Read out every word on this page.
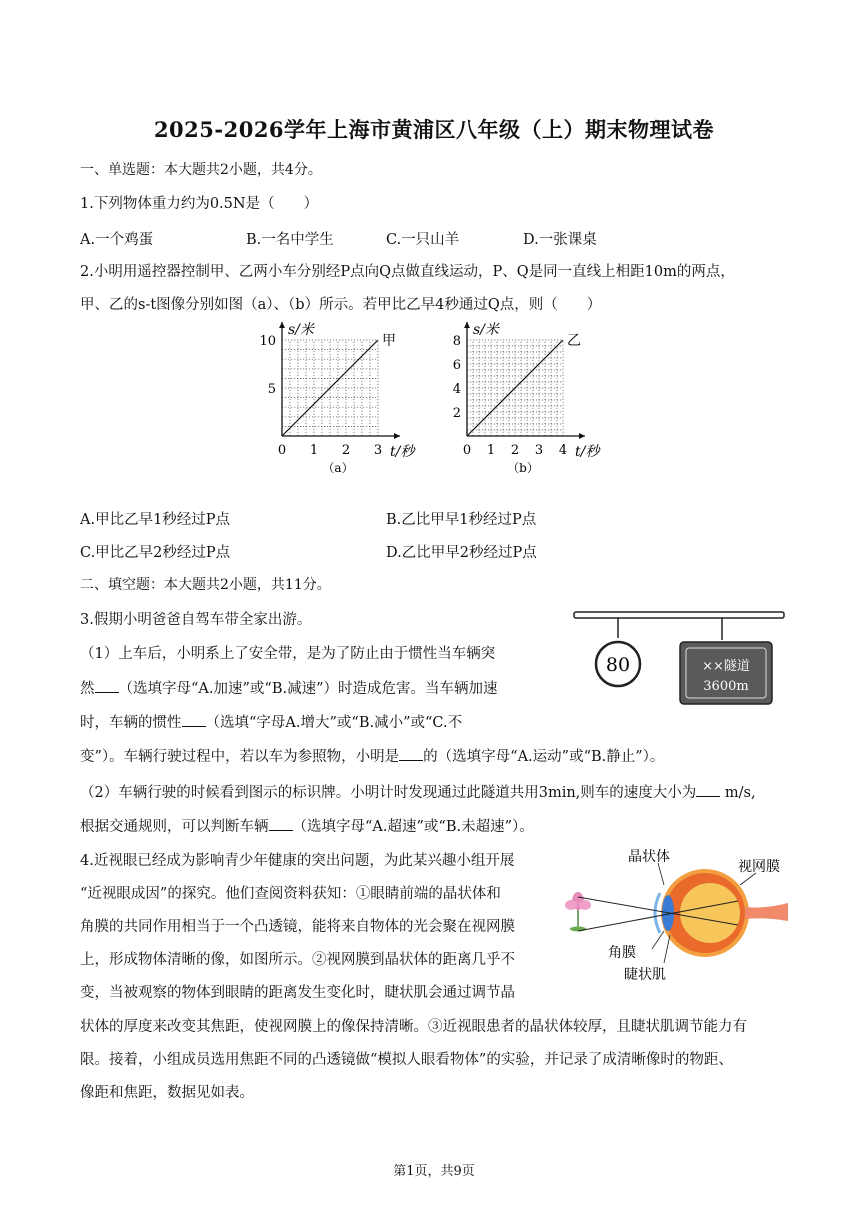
2025-2026学年上海市黄浦区八年级（上）期末物理试卷
一、单选题：本大题共2小题，共4分。
1.下列物体重力约为0.5N是（　　）
A.一个鸡蛋	B.一名中学生	C.一只山羊	D.一张课桌
2.小明用遥控器控制甲、乙两小车分别经P点向Q点做直线运动，P、Q是同一直线上相距10m的两点，
甲、乙的s-t图像分别如图（a）、（b）所示。若甲比乙早4秒通过Q点，则（　　）
甲
0 1 2 3
5
10
s/米
t/秒
（a）
乙
0 1 2 3 4
2
4
6
8
s/米
t/秒
（b）
A.甲比乙早1秒经过P点	B.乙比甲早1秒经过P点
C.甲比乙早2秒经过P点	D.乙比甲早2秒经过P点
二、填空题：本大题共2小题，共11分。
3.假期小明爸爸自驾车带全家出游。
（1）上车后，小明系上了安全带，是为了防止由于惯性当车辆突
然 （选填字母“A.加速”或“B.减速”）时造成危害。当车辆加速
时，车辆的惯性 （选填“字母A.增大”或“B.减小”或“C.不
变”）。车辆行驶过程中，若以车为参照物，小明是 的（选填字母“A.运动”或“B.静止”）。
（2）车辆行驶的时候看到图示的标识牌。小明计时发现通过此隧道共用3min,则车的速度大小为 m/s,
根据交通规则，可以判断车辆 （选填字母“A.超速”或“B.未超速”）。
80	××隧道
3600m
4.近视眼已经成为影响青少年健康的突出问题，为此某兴趣小组开展
“近视眼成因”的探究。他们查阅资料获知：①眼睛前端的晶状体和
角膜的共同作用相当于一个凸透镜，能将来自物体的光会聚在视网膜
上，形成物体清晰的像，如图所示。②视网膜到晶状体的距离几乎不
变，当被观察的物体到眼睛的距离发生变化时，睫状肌会通过调节晶
状体的厚度来改变其焦距，使视网膜上的像保持清晰。③近视眼患者的晶状体较厚，且睫状肌调节能力有
限。接着，小组成员选用焦距不同的凸透镜做“模拟人眼看物体”的实验，并记录了成清晰像时的物距、
像距和焦距，数据见如表。
晶状体
视网膜
角膜
睫状肌
第1页，共9页
